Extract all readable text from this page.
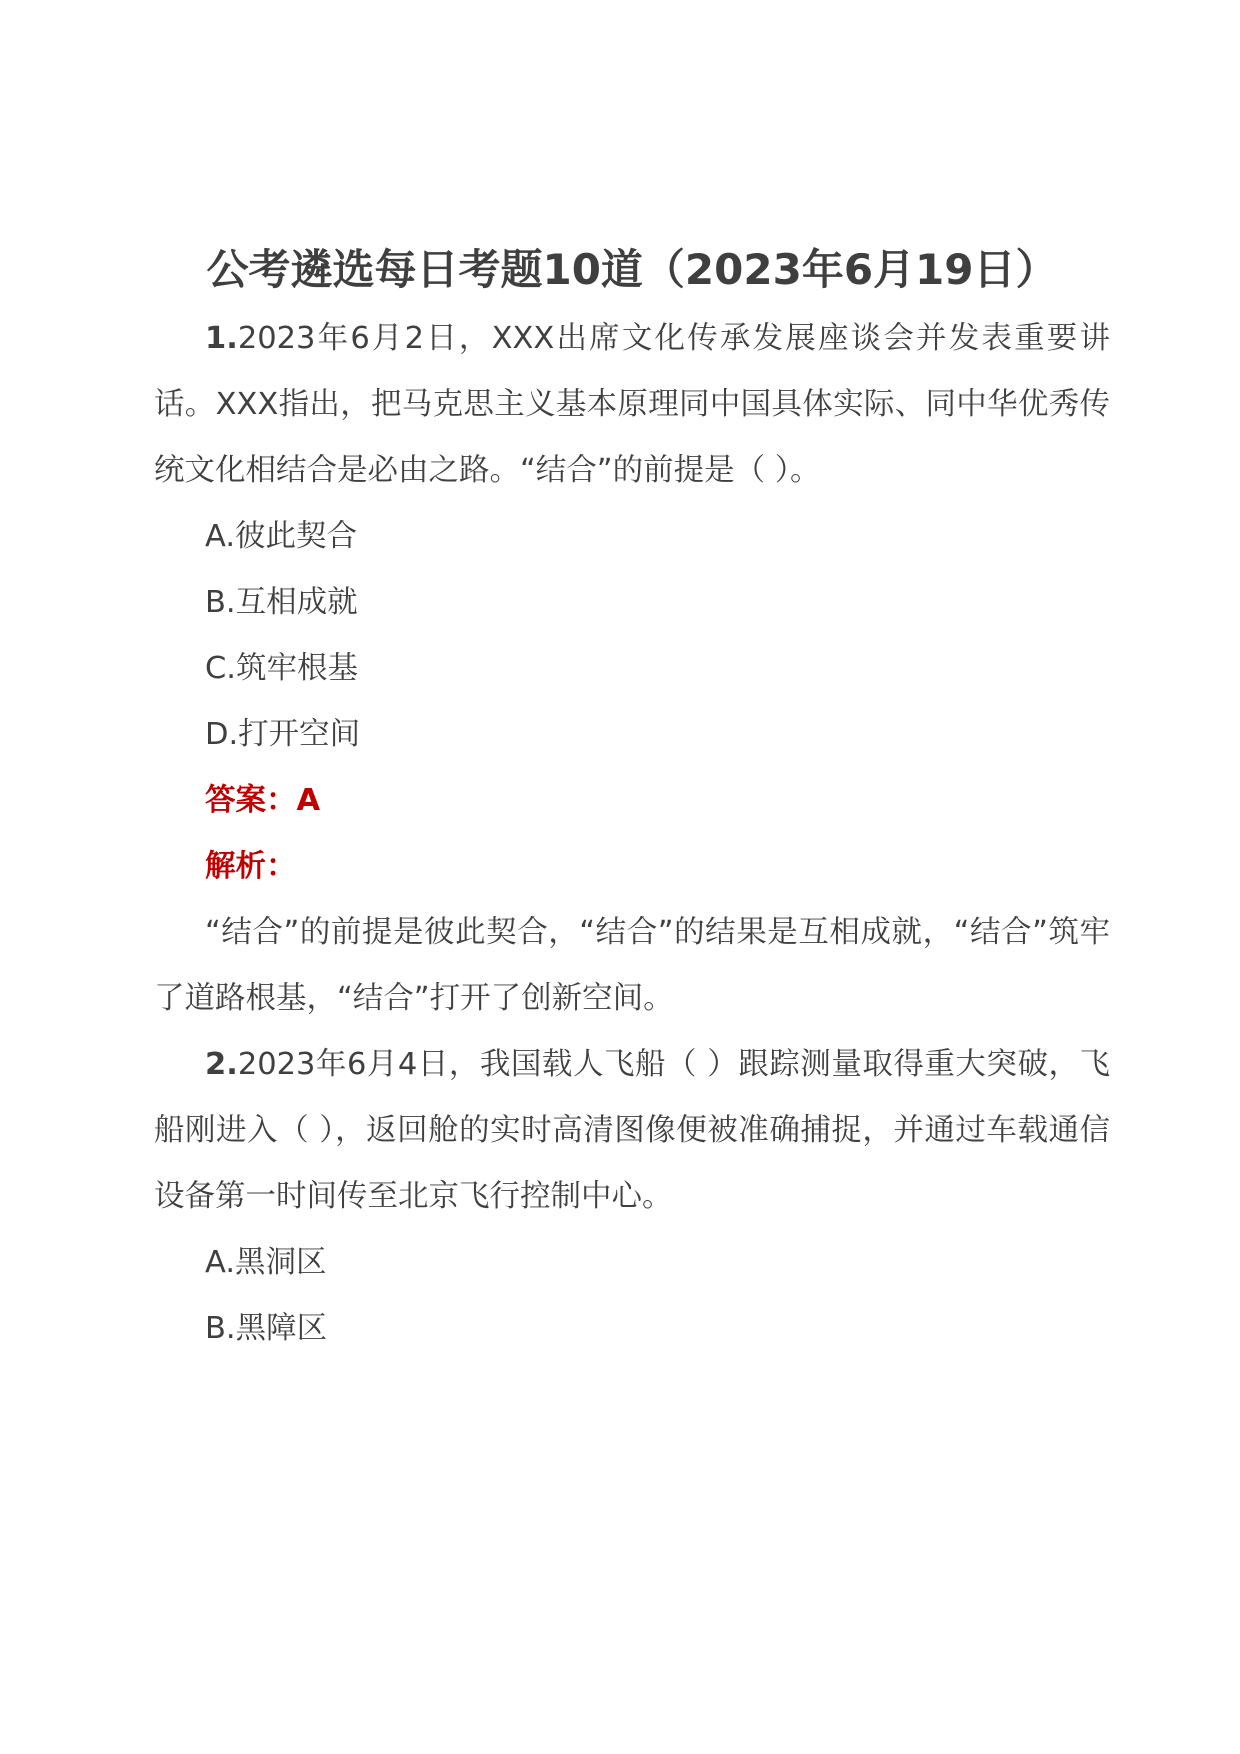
公考遴选每日考题10道（2023年6月19日）

1.2023年6月2日，XXX出席文化传承发展座谈会并发表重要讲话。XXX指出，把马克思主义基本原理同中国具体实际、同中华优秀传统文化相结合是必由之路。“结合”的前提是（ ）。

A.彼此契合

B.互相成就

C.筑牢根基

D.打开空间

答案：A

解析：

“结合”的前提是彼此契合，“结合”的结果是互相成就，“结合”筑牢了道路根基，“结合”打开了创新空间。

2.2023年6月4日，我国载人飞船（ ）跟踪测量取得重大突破，飞船刚进入（ ），返回舱的实时高清图像便被准确捕捉，并通过车载通信设备第一时间传至北京飞行控制中心。

A.黑洞区

B.黑障区
